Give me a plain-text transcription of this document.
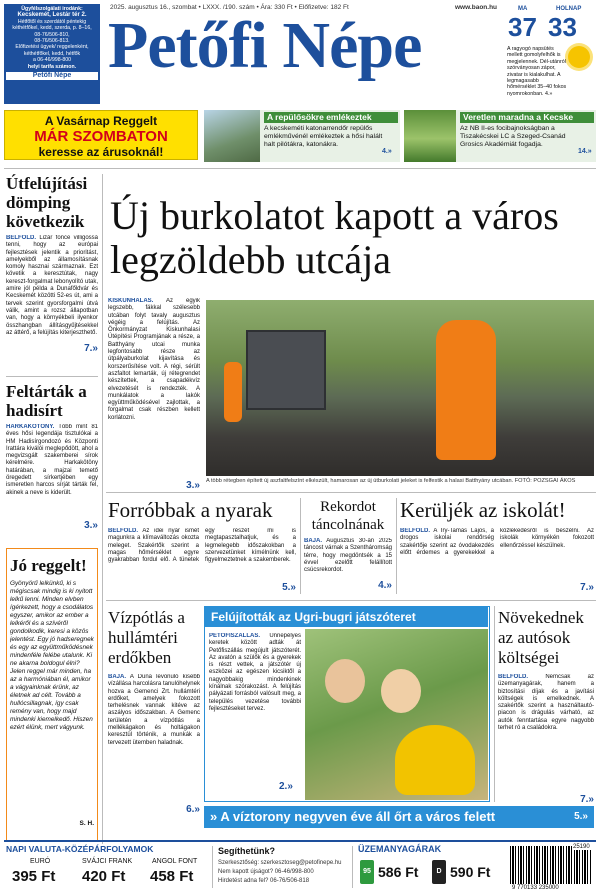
Ügyfélszolgálati irodánk:
Kecskemét, Lestár tér 2.
Hétfőtől és szerdától péntekig
kéthétfőkel, kedd, szerda, p. 8–16,
08-76/506-810,
08-76/506-813.
Előfizetési ügyek/ reggelenként,
kéthétfőkel, kedd, hétfők
a 06-46/998-800
helyi tarifa számon.
Petőfi Népe
2025. augusztus 16., szombat • LXXX. /190. szám • Ára: 330 Ft • Előfizetve: 182 Ft	www.baon.hu
Petőfi Népe	MA	HOLNAP
37 33
A ragyogó napsütés mellett gomolyfelhők is megjelennek. Dél-utánról szórványosan zápor, zivatar is kialakulhat. A legmagasabb hőmérséklet 35–40 fokos nyomrokonban. 4.»
A Vasárnap Reggelt
MÁR SZOMBATON
keresse az árusoknál!
A repülősökre emlékeztek
A kecskeméti katonarrendőr repülős emlékművénél emlékeztek a hősi halált halt pilótákra, katonákra.
4.»
Veretlen maradna a Kecske
Az NB II-es focibajnokságban a Tiszakécskei LC a Szeged-Csanád Grosics Akadémiát fogadja.
14.»
Útfelújítási dömping következik
BELFÖLD. Lizár fonce villigossá tenni, hogy az európai fejlesztések jelentik a prioritást, amelyekből az államosításnak komoly hasznai származnak. Ezt követik a keresztútak, nagy kereszt-forgalmat lebonyolító utak, amire jól példa a Dunafőldvár és Kecskemét közötti 52-es út, ami a tervek szerint gyorsforgalmi útvá válik, amint a rozsz állapotban van, hogy a környékbeli ilyenkor összhangban állításgyűjtésekkel az áttérő, a felújítás kiterjeszthető.
7.»
Feltárták a hadisírt
HARKAKÖTÖNY. Több mint 81 éves hősi legendája tisztulókai a HM Hadisírgondozó és Központi Irattára kiválói meglepődött, ahol a megvizsgált szakemberei sírok kérelmére. Harkakötöny határában, a majzai temető öregedett sírkertjében egy ismeretlen harcos sírját tárták fel, akinek a neve is kiderült.
3.»
Jó reggelt!
Gyönyörű lelkünkű, ki s mégiscsak mindig is ki nyitott lelkű lenni. Minden elvben ígérkezett, hogy a csodálatos egyszer, amikor az ember a lelkéről és a szívéről gondolkodik, keresi a közös jelentést. Egy jó hadseregnek és egy az együttműködésnek mindenféle felébe utalunk. Ki ne akarna boldogul élni? Jelen reggel már minden, ha az a harmóniában él, amikor a vágyainknak érünk, az életnek ad célt. Tovább a hullócsillagnak, így csak remény van, hogy majd mindenki kiemelkedő. Hiszen ezért élünk, mert vágyunk.
S. H.
Új burkolatot kapott a város legzöldebb utcája
KISKUNHALAS. Az egyik legszebb, fákkal szélesebb utcában folyt tavaly augusztus végéig a felújítás. Az Önkormányzat Kiskunhalasi Útépítési Programjának a része, a Batthyány utcai munka legfontosabb része az útpályaburkolat kijavítása és korszerűsítése volt. A régi, sérült aszfaltot lemarták, új rétegrendet készítettek, a csapadékvíz elvezetését is rendezték. A munkálatok a lakók együttműködésével zajlottak, a forgalmat csak részben kellett korlátozni.
3.» A több rétegben épített új aszfaltfelszínt elkészült, hamarosan az új útburkolati jeleket is felfestik a halasi Batthyány utcában. FOTÓ: POZSGAI ÁKOS
Forróbbak a nyarak
BELFÖLD. Az idei nyár ismét magunkra a klímaváltozás okozta meleget. Szakértők szerint a magas hőmérséklet egyre gyakrabban fordul elő. A tünetek egy részét mi is megtapasztalhatjuk, és a legmelegebb időszakokban a szervezetünket kímélnünk kell, figyelmeztetnek a szakemberek.
5.»
Rekordot táncolnának
BAJA. Augusztus 30-án 2025 táncost várnak a Szentháromság térre, hogy megdöntsék a 15 évvel ezelőtt felállított csúcsrekordot.
4.»
Kerüljék az iskolát!
BELFÖLD. A Iry-Tamás Lajos, a drogos iskolai rendőrség szakértője szerint az óvodakezdés előtt érdemes a gyerekekkel a közlekedésről is beszélni. Az iskolák környékén fokozott ellenőrzéssel készülnek.
7.»
Vízpótlás a hullámtéri erdőkben
BAJA. A Duna levonuló kisebb vízállása harcolásra tanulóhelynek hozva a Gemenci Zrt. hullámtéri erdőket, amelyek fokozott terhelésnek vannak kitéve az aszályos időszakban. A Gemenc területén a vízpótlás a mellékágakon és holtágakon keresztül történik, a munkák a tervezett ütemben haladnak.
6.»
Felújították az Ugri-bugri játszóteret
PETŐFISZÁLLÁS. Ünnepélyes keretek között adták át Petőfiszállás megújult játszóterét. Az avatón a szülők és a gyerekek is részt vettek, a játszótér új eszközei az egészen kicsiktől a nagyobbakig mindenkinek kínálnak szórakozást. A felújítás pályázati forrásból valósult meg, a település vezetése további fejlesztéseket tervez.
2.»
Növekednek az autósok költségei
BELFÖLD.	Nemcsak az üzemanyagárak, hanem a biztosítási díjak és a javítási költségek is emelkednek. A szakértők szerint a használtautó-piacon is drágulás várható, az autók fenntartása egyre nagyobb terhet ró a családokra.
7.»
» A víztorony negyven éve áll őrt a város felett	5.»
NAPI VALUTA-KÖZÉPÁRFOLYAMOK
EURÓ	SVÁJCI FRANK	ANGOL FONT
395 Ft 420 Ft 458 Ft
Segíthetünk?
Szerkesztőség: szerkesztoseg@petofinepe.hu
Nem kapott újságot? 06-46/998-800
Hirdetést adna fel? 06-76/506-818
ÜZEMANYAGÁRAK
95 586 Ft	D 590 Ft
25190
9 770133 235000
